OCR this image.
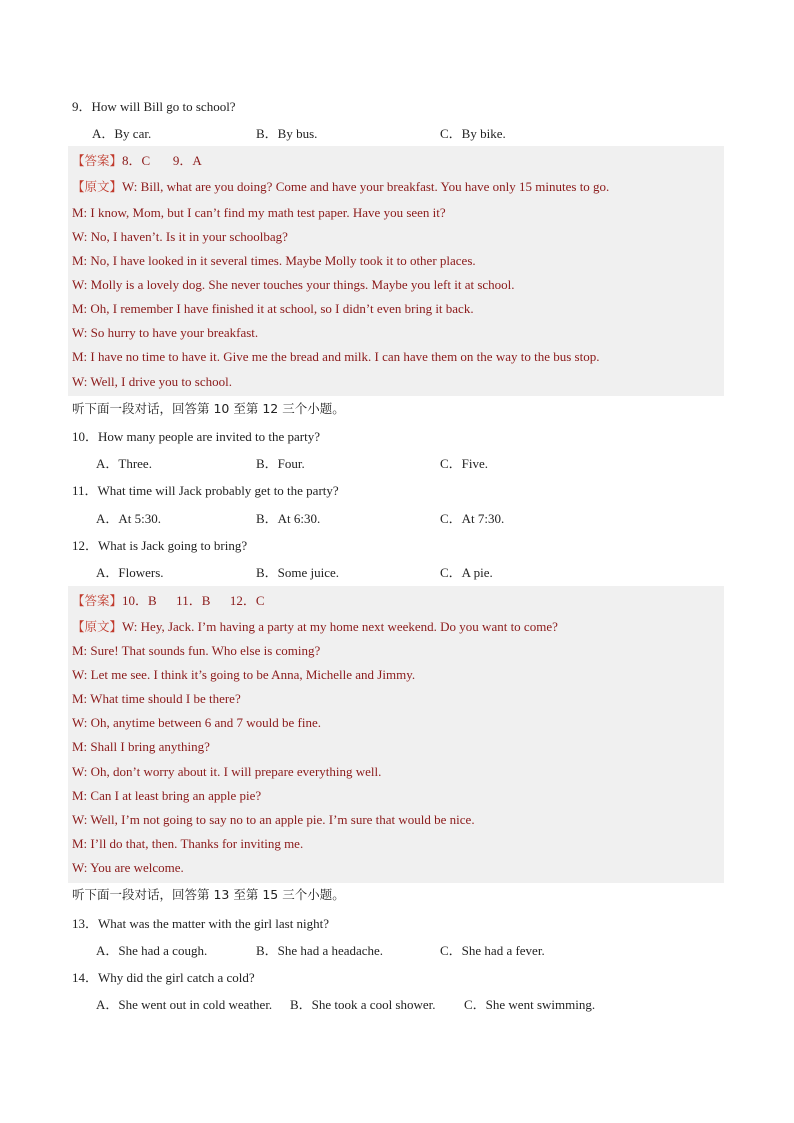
9．How will Bill go to school?
A．By car.	B．By bus.	C．By bike.
【答案】8．C       9．A
【原文】W: Bill, what are you doing? Come and have your breakfast. You have only 15 minutes to go.
M: I know, Mom, but I can’t find my math test paper. Have you seen it?
W: No, I haven’t. Is it in your schoolbag?
M: No, I have looked in it several times. Maybe Molly took it to other places.
W: Molly is a lovely dog. She never touches your things. Maybe you left it at school.
M: Oh, I remember I have finished it at school, so I didn’t even bring it back.
W: So hurry to have your breakfast.
M: I have no time to have it. Give me the bread and milk. I can have them on the way to the bus stop.
W: Well, I drive you to school.
听下面一段对话，回答第 10 至第 12 三个小题。
10．How many people are invited to the party?
A．Three.	B．Four.	C．Five.
11．What time will Jack probably get to the party?
A．At 5:30.	B．At 6:30.	C．At 7:30.
12．What is Jack going to bring?
A．Flowers.	B．Some juice.	C．A pie.
【答案】10．B      11．B      12．C
【原文】W: Hey, Jack. I’m having a party at my home next weekend. Do you want to come?
M: Sure! That sounds fun. Who else is coming?
W: Let me see. I think it’s going to be Anna, Michelle and Jimmy.
M: What time should I be there?
W: Oh, anytime between 6 and 7 would be fine.
M: Shall I bring anything?
W: Oh, don’t worry about it. I will prepare everything well.
M: Can I at least bring an apple pie?
W: Well, I’m not going to say no to an apple pie. I’m sure that would be nice.
M: I’ll do that, then. Thanks for inviting me.
W: You are welcome.
听下面一段对话，回答第 13 至第 15 三个小题。
13．What was the matter with the girl last night?
A．She had a cough.	B．She had a headache.	C．She had a fever.
14．Why did the girl catch a cold?
A．She went out in cold weather. B．She took a cool shower. C．She went swimming.
